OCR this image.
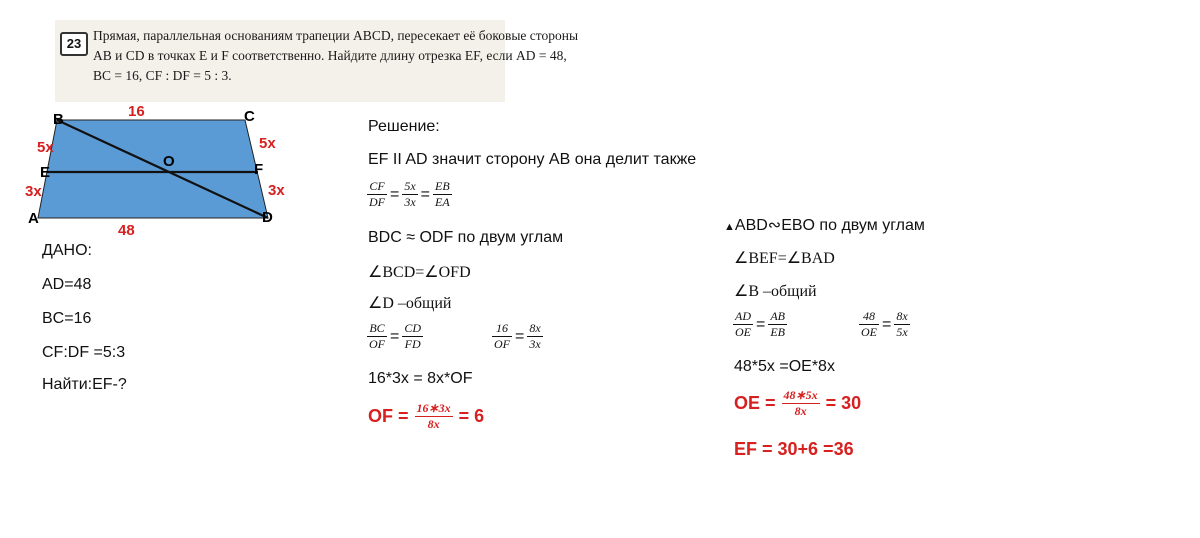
23
Прямая, параллельная основаниям трапеции ABCD, пересекает её боковые стороны
AB и CD в точках E и F соответственно. Найдите длину отрезка EF, если AD = 48,
BC = 16, CF : DF = 5 : 3.
B	C
A	D
E	F
O
16
48
5x
3x
5x
3x
ДАНО:
AD=48
BC=16
CF:DF =5:3
Найти:EF-?
Решение:
EF II AD значит сторону AB она делит также
$\frac{CF}{DF} = \frac{5x}{3x} = \frac{EB}{EA}$
BDC ≈ ODF по двум углам
∠BCD=∠OFD
∠D –общий
$\frac{BC}{OF} = \frac{CD}{FD}$	$\frac{16}{OF} = \frac{8x}{3x}$
16*3x = 8x*OF
OF = $\frac{16∗3x}{8x} = 6$
▲ABD∾EBO по двум углам
∠BEF=∠BAD
∠B –общий
$\frac{AD}{OE} = \frac{AB}{EB}$	$\frac{48}{OE} = \frac{8x}{5x}$
48*5x =OE*8x
OE = $\frac{48∗5x}{8x} = 30$
EF = 30+6 =36
